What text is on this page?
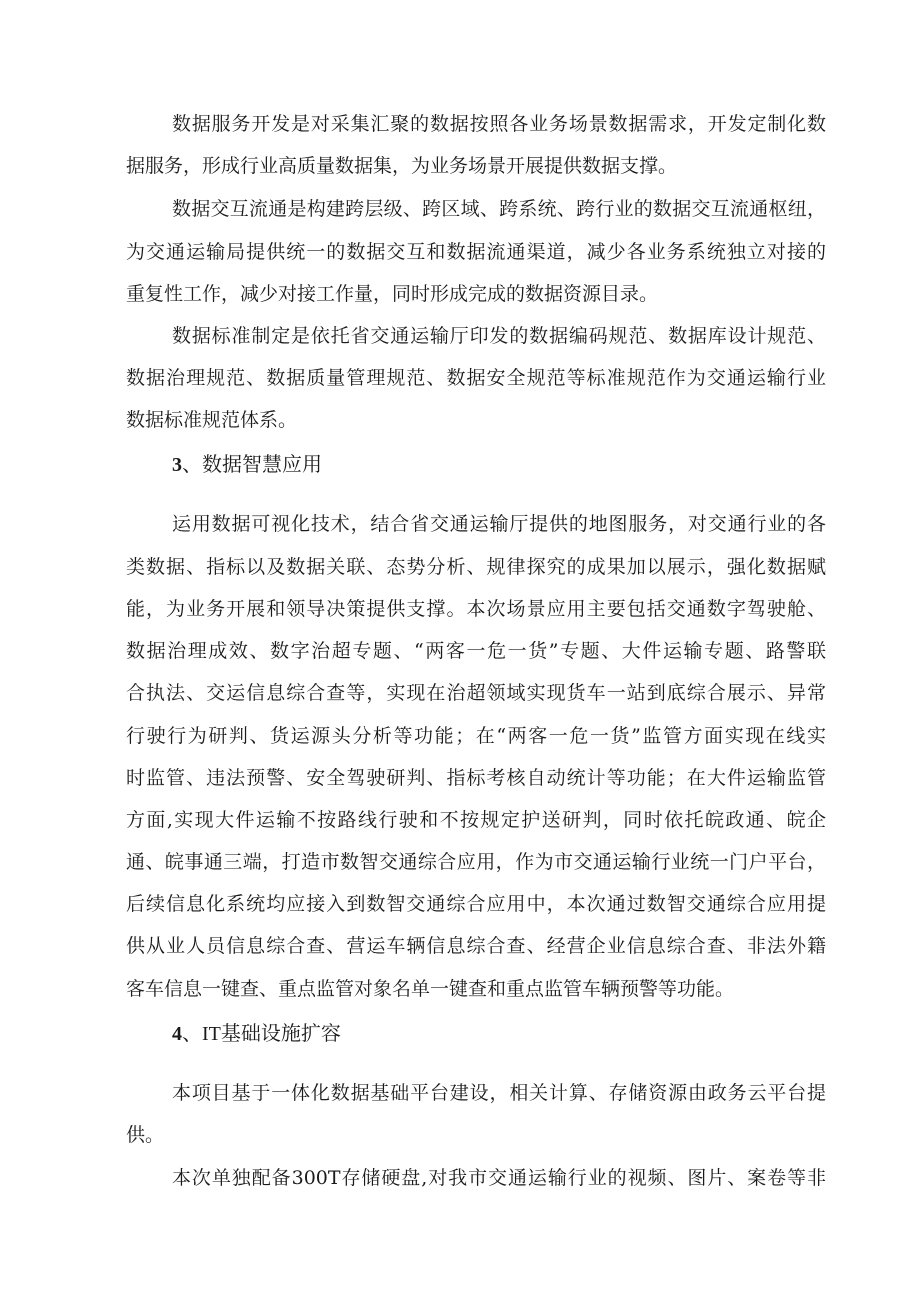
数据服务开发是对采集汇聚的数据按照各业务场景数据需求，开发定制化数
据服务，形成行业高质量数据集，为业务场景开展提供数据支撑。
数据交互流通是构建跨层级、跨区域、跨系统、跨行业的数据交互流通枢纽，
为交通运输局提供统一的数据交互和数据流通渠道，减少各业务系统独立对接的
重复性工作，减少对接工作量，同时形成完成的数据资源目录。
数据标准制定是依托省交通运输厅印发的数据编码规范、数据库设计规范、
数据治理规范、数据质量管理规范、数据安全规范等标准规范作为交通运输行业
数据标准规范体系。
3、数据智慧应用
运用数据可视化技术，结合省交通运输厅提供的地图服务，对交通行业的各
类数据、指标以及数据关联、态势分析、规律探究的成果加以展示，强化数据赋
能，为业务开展和领导决策提供支撑。本次场景应用主要包括交通数字驾驶舱、
数据治理成效、数字治超专题、“两客一危一货”专题、大件运输专题、路警联
合执法、交运信息综合查等，实现在治超领域实现货车一站到底综合展示、异常
行驶行为研判、货运源头分析等功能；在“两客一危一货”监管方面实现在线实
时监管、违法预警、安全驾驶研判、指标考核自动统计等功能；在大件运输监管
方面,实现大件运输不按路线行驶和不按规定护送研判，同时依托皖政通、皖企
通、皖事通三端，打造市数智交通综合应用，作为市交通运输行业统一门户平台，
后续信息化系统均应接入到数智交通综合应用中，本次通过数智交通综合应用提
供从业人员信息综合查、营运车辆信息综合查、经营企业信息综合查、非法外籍
客车信息一键查、重点监管对象名单一键查和重点监管车辆预警等功能。
4、IT基础设施扩容
本项目基于一体化数据基础平台建设，相关计算、存储资源由政务云平台提
供。
本次单独配备300T存储硬盘,对我市交通运输行业的视频、图片、案卷等非
